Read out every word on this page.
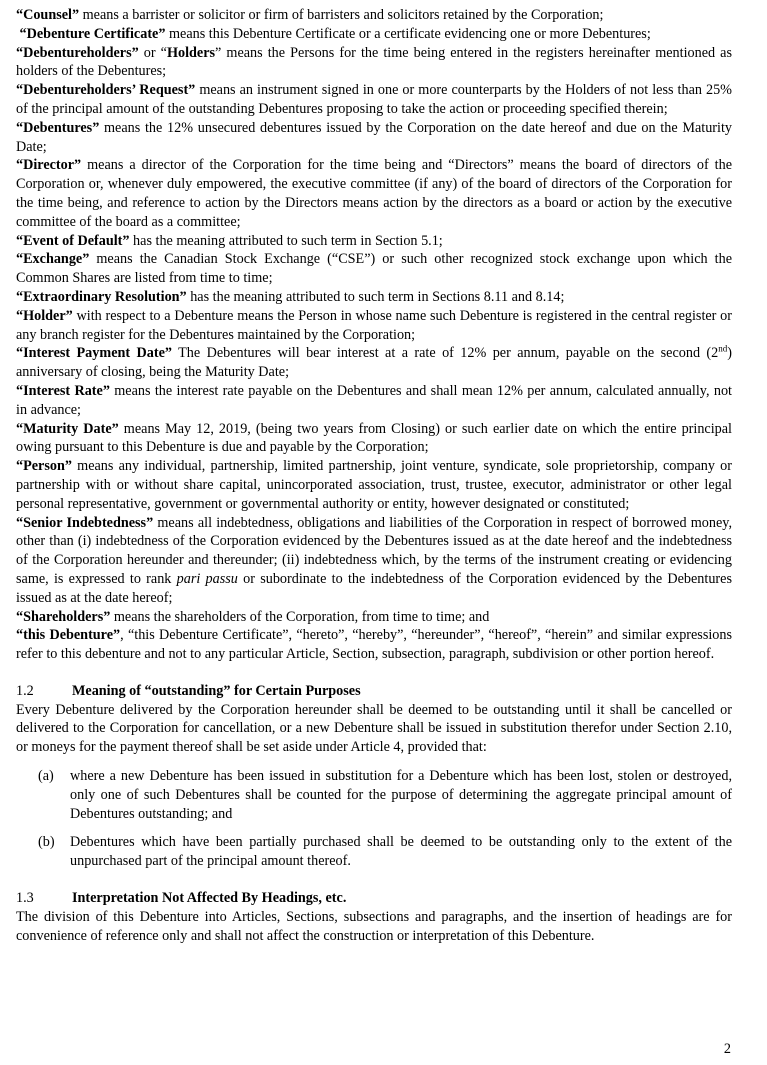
“Counsel” means a barrister or solicitor or firm of barristers and solicitors retained by the Corporation;

“Debenture Certificate” means this Debenture Certificate or a certificate evidencing one or more Debentures;

“Debentureholders” or “Holders” means the Persons for the time being entered in the registers hereinafter mentioned as holders of the Debentures;

“Debentureholders’ Request” means an instrument signed in one or more counterparts by the Holders of not less than 25% of the principal amount of the outstanding Debentures proposing to take the action or proceeding specified therein;

“Debentures” means the 12% unsecured debentures issued by the Corporation on the date hereof and due on the Maturity Date;

“Director” means a director of the Corporation for the time being and “Directors” means the board of directors of the Corporation or, whenever duly empowered, the executive committee (if any) of the board of directors of the Corporation for the time being, and reference to action by the Directors means action by the directors as a board or action by the executive committee of the board as a committee;

“Event of Default” has the meaning attributed to such term in Section 5.1;

“Exchange” means the Canadian Stock Exchange (“CSE”) or such other recognized stock exchange upon which the Common Shares are listed from time to time;

“Extraordinary Resolution” has the meaning attributed to such term in Sections 8.11 and 8.14;

“Holder” with respect to a Debenture means the Person in whose name such Debenture is registered in the central register or any branch register for the Debentures maintained by the Corporation;

“Interest Payment Date” The Debentures will bear interest at a rate of 12% per annum, payable on the second (2nd) anniversary of closing, being the Maturity Date;

“Interest Rate” means the interest rate payable on the Debentures and shall mean 12% per annum, calculated annually, not in advance;

“Maturity Date” means May 12, 2019, (being two years from Closing) or such earlier date on which the entire principal owing pursuant to this Debenture is due and payable by the Corporation;

“Person” means any individual, partnership, limited partnership, joint venture, syndicate, sole proprietorship, company or partnership with or without share capital, unincorporated association, trust, trustee, executor, administrator or other legal personal representative, government or governmental authority or entity, however designated or constituted;

“Senior Indebtedness” means all indebtedness, obligations and liabilities of the Corporation in respect of borrowed money, other than (i) indebtedness of the Corporation evidenced by the Debentures issued as at the date hereof and the indebtedness of the Corporation hereunder and thereunder; (ii) indebtedness which, by the terms of the instrument creating or evidencing same, is expressed to rank pari passu or subordinate to the indebtedness of the Corporation evidenced by the Debentures issued as at the date hereof;

“Shareholders” means the shareholders of the Corporation, from time to time; and

“this Debenture”, “this Debenture Certificate”, “hereto”, “hereby”, “hereunder”, “hereof”, “herein” and similar expressions refer to this debenture and not to any particular Article, Section, subsection, paragraph, subdivision or other portion hereof.

1.2	Meaning of “outstanding” for Certain Purposes

Every Debenture delivered by the Corporation hereunder shall be deemed to be outstanding until it shall be cancelled or delivered to the Corporation for cancellation, or a new Debenture shall be issued in substitution therefor under Section 2.10, or moneys for the payment thereof shall be set aside under Article 4, provided that:

(a)	where a new Debenture has been issued in substitution for a Debenture which has been lost, stolen or destroyed, only one of such Debentures shall be counted for the purpose of determining the aggregate principal amount of Debentures outstanding; and
(b)	Debentures which have been partially purchased shall be deemed to be outstanding only to the extent of the unpurchased part of the principal amount thereof.

1.3	Interpretation Not Affected By Headings, etc.

The division of this Debenture into Articles, Sections, subsections and paragraphs, and the insertion of headings are for convenience of reference only and shall not affect the construction or interpretation of this Debenture.

2
